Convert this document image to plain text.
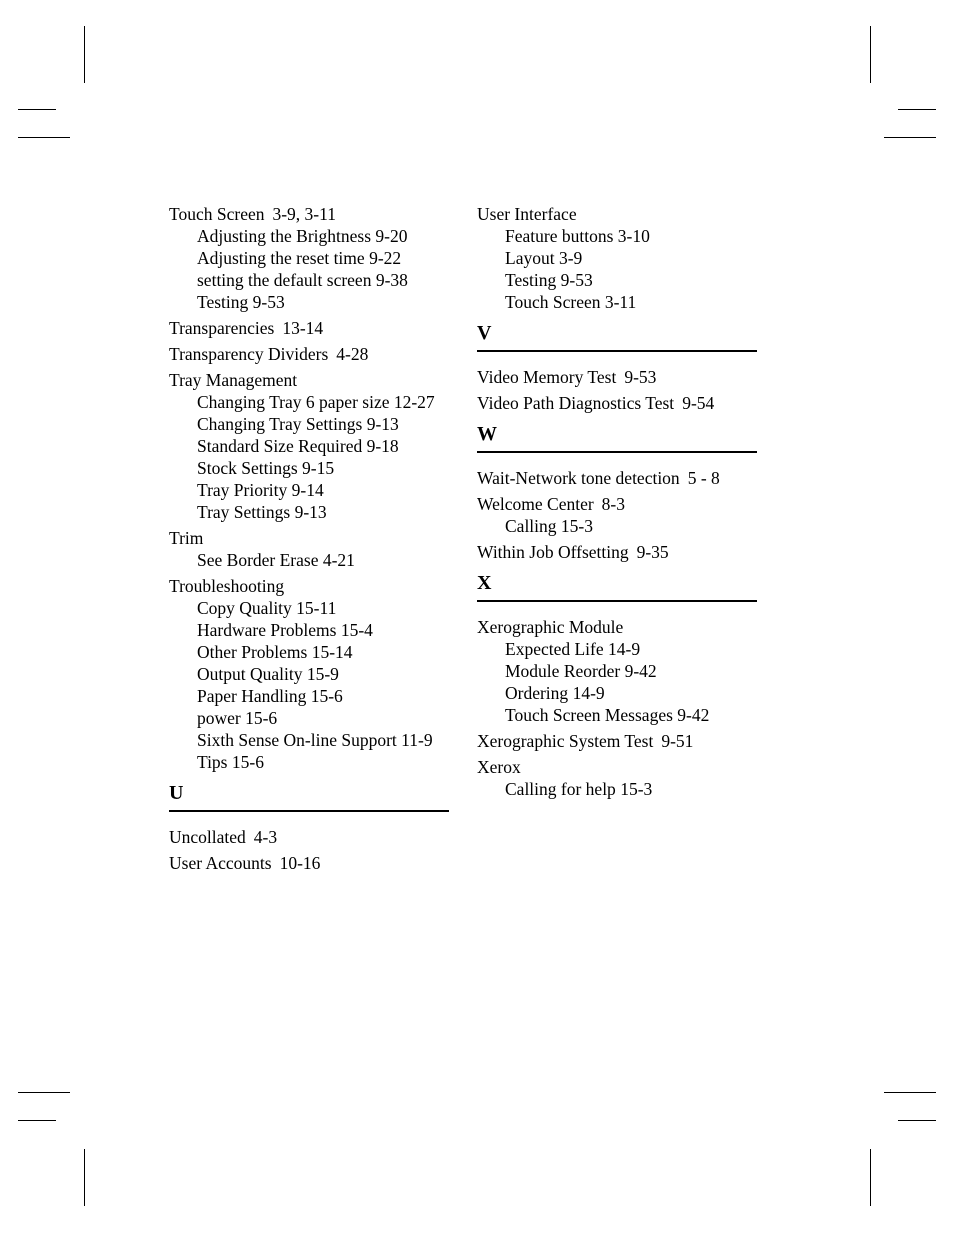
Touch Screen 3-9, 3-11
Adjusting the Brightness 9-20
Adjusting the reset time 9-22
setting the default screen 9-38
Testing 9-53
Transparencies 13-14
Transparency Dividers 4-28
Tray Management
Changing Tray 6 paper size 12-27
Changing Tray Settings 9-13
Standard Size Required 9-18
Stock Settings 9-15
Tray Priority 9-14
Tray Settings 9-13
Trim
See Border Erase 4-21
Troubleshooting
Copy Quality 15-11
Hardware Problems 15-4
Other Problems 15-14
Output Quality 15-9
Paper Handling 15-6
power 15-6
Sixth Sense On-line Support 11-9
Tips 15-6
U
Uncollated 4-3
User Accounts 10-16
User Interface
Feature buttons 3-10
Layout 3-9
Testing 9-53
Touch Screen 3-11
V
Video Memory Test 9-53
Video Path Diagnostics Test 9-54
W
Wait-Network tone detection 5 - 8
Welcome Center 8-3
Calling 15-3
Within Job Offsetting 9-35
X
Xerographic Module
Expected Life 14-9
Module Reorder 9-42
Ordering 14-9
Touch Screen Messages 9-42
Xerographic System Test 9-51
Xerox
Calling for help 15-3
